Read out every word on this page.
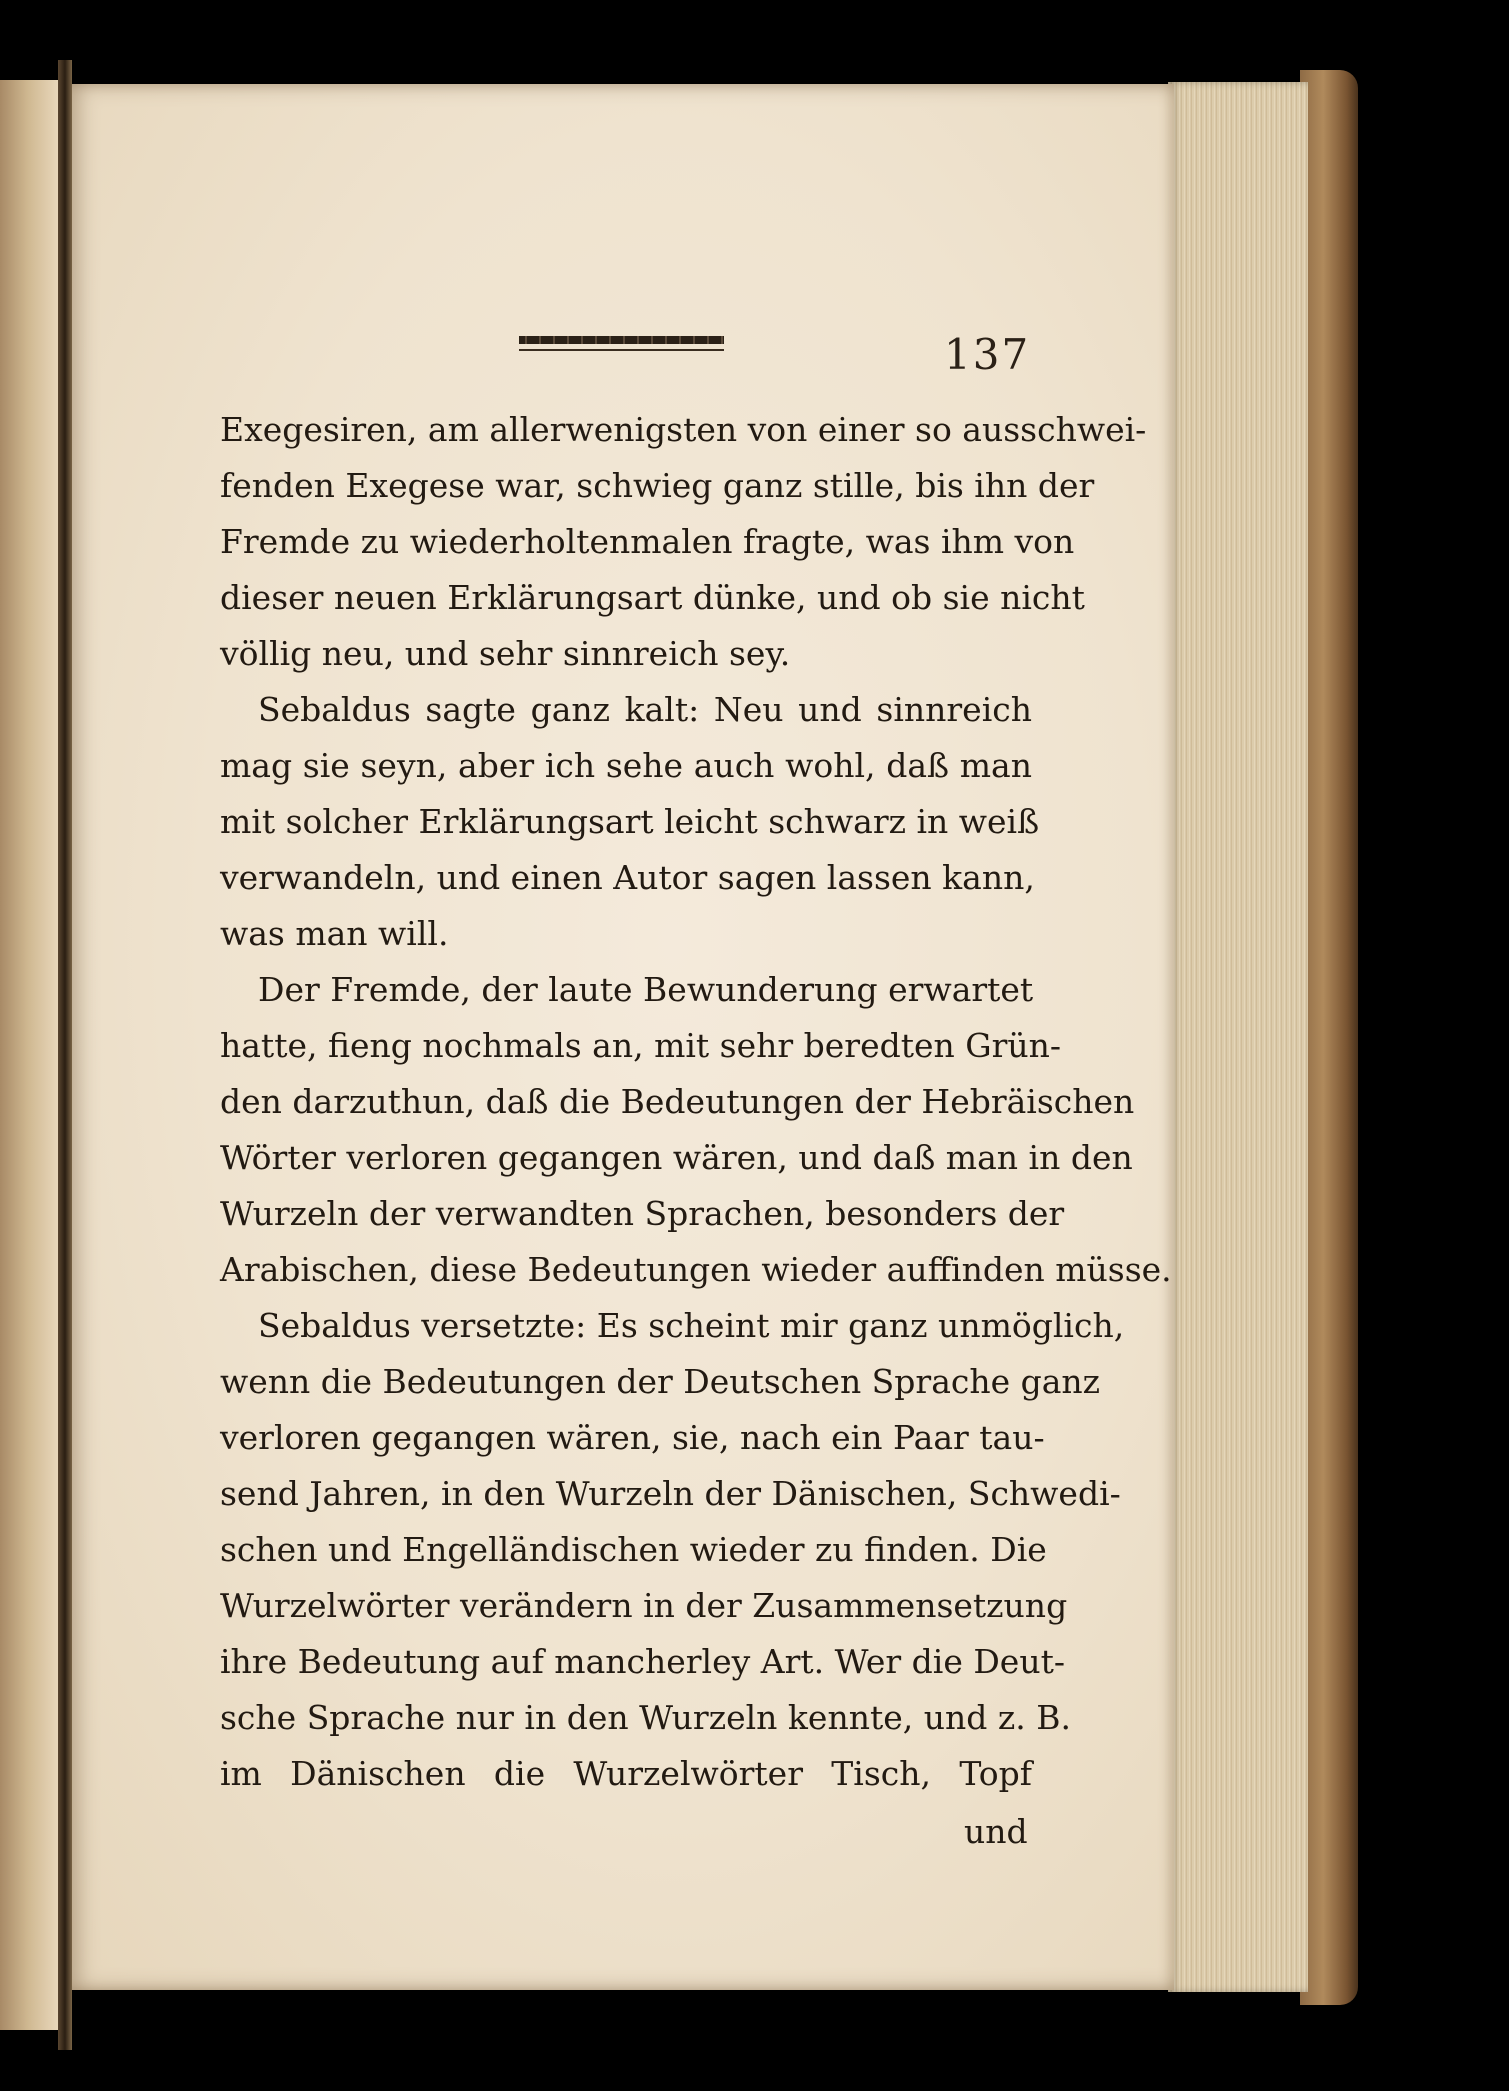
137
Exegesiren, am allerwenigsten von einer so ausschwei-
fenden Exegese war, schwieg ganz stille, bis ihn der
Fremde zu wiederholtenmalen fragte, was ihm von
dieser neuen Erklärungsart dünke, und ob sie nicht
völlig neu, und sehr sinnreich sey.
Sebaldus sagte ganz kalt: Neu und sinnreich
mag sie seyn, aber ich sehe auch wohl, daß man
mit solcher Erklärungsart leicht schwarz in weiß
verwandeln, und einen Autor sagen lassen kann,
was man will.
Der Fremde, der laute Bewunderung erwartet
hatte, fieng nochmals an, mit sehr beredten Grün-
den darzuthun, daß die Bedeutungen der Hebräischen
Wörter verloren gegangen wären, und daß man in den
Wurzeln der verwandten Sprachen, besonders der
Arabischen, diese Bedeutungen wieder auffinden müsse.
Sebaldus versetzte: Es scheint mir ganz unmöglich,
wenn die Bedeutungen der Deutschen Sprache ganz
verloren gegangen wären, sie, nach ein Paar tau-
send Jahren, in den Wurzeln der Dänischen, Schwedi-
schen und Engelländischen wieder zu finden. Die
Wurzelwörter verändern in der Zusammensetzung
ihre Bedeutung auf mancherley Art. Wer die Deut-
sche Sprache nur in den Wurzeln kennte, und z. B.
im Dänischen die Wurzelwörter Tisch, Topf
und
